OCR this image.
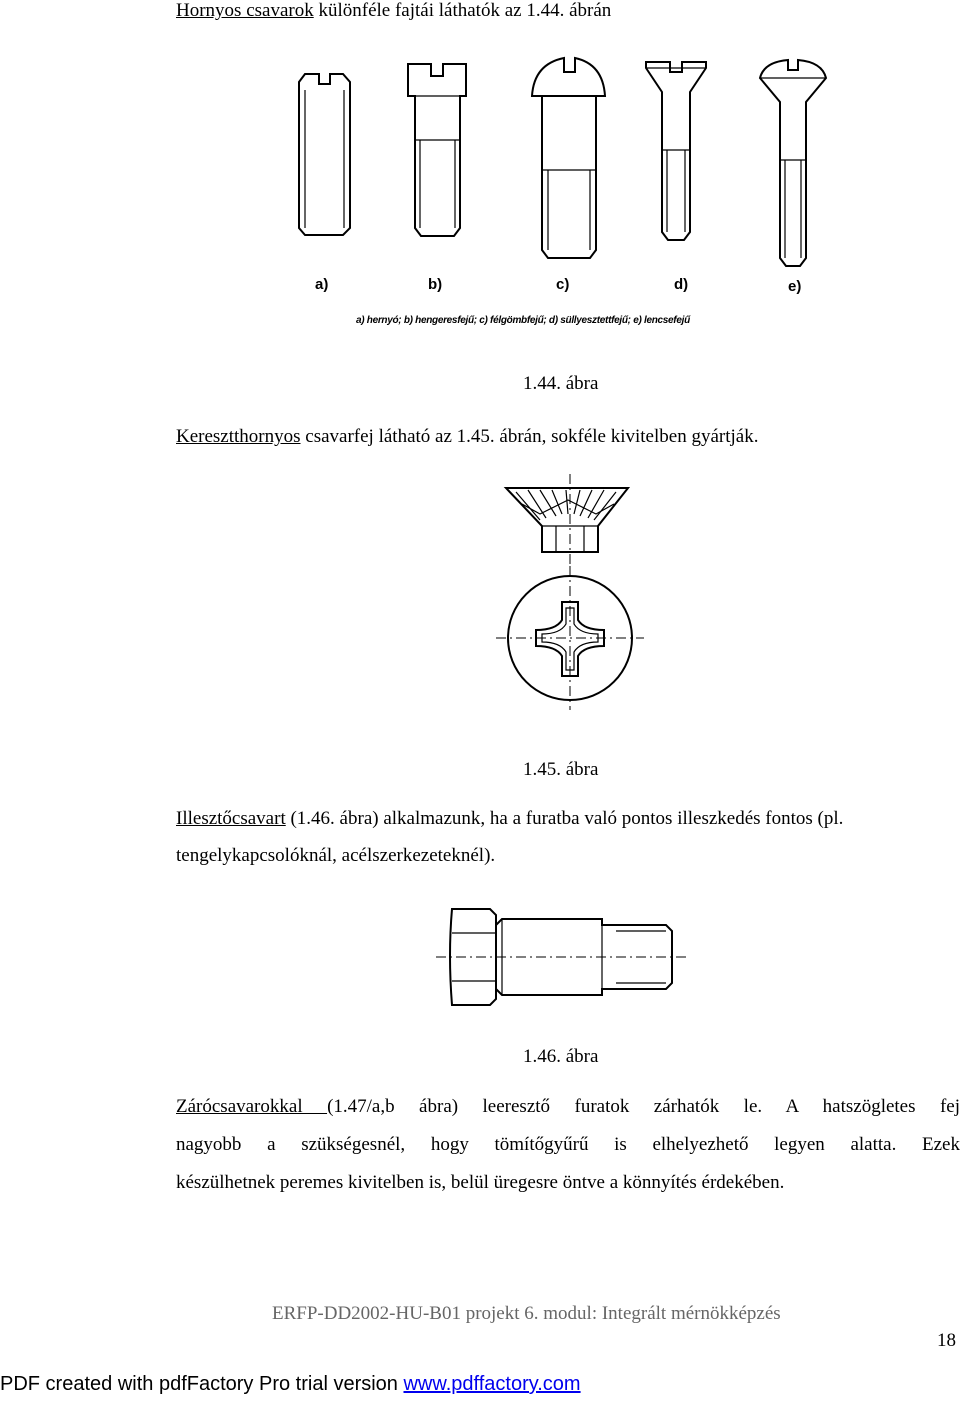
Hornyos csavarok különféle fajtái láthatók az 1.44. ábrán
a)	b)	c)	d)	e)
a) hernyó; b) hengeresfejű; c) félgömbfejű; d) süllyesztettfejű; e) lencsefejű
1.44. ábra
Keresztthornyos csavarfej látható az 1.45. ábrán, sokféle kivitelben gyártják.
1.45. ábra
Illesztőcsavart (1.46. ábra) alkalmazunk, ha a furatba való pontos illeszkedés fontos (pl.
tengelykapcsolóknál, acélszerkezeteknél).
1.46. ábra
Zárócsavarokkal (1.47/a,b ábra) leeresztő furatok zárhatók le. A hatszögletes fej
nagyobb a szükségesnél, hogy tömítőgyűrű is elhelyezhető legyen alatta. Ezek
készülhetnek peremes kivitelben is, belül üregesre öntve a könnyítés érdekében.
ERFP-DD2002-HU-B01 projekt 6. modul: Integrált mérnökképzés
18
PDF created with pdfFactory Pro trial version www.pdffactory.com
